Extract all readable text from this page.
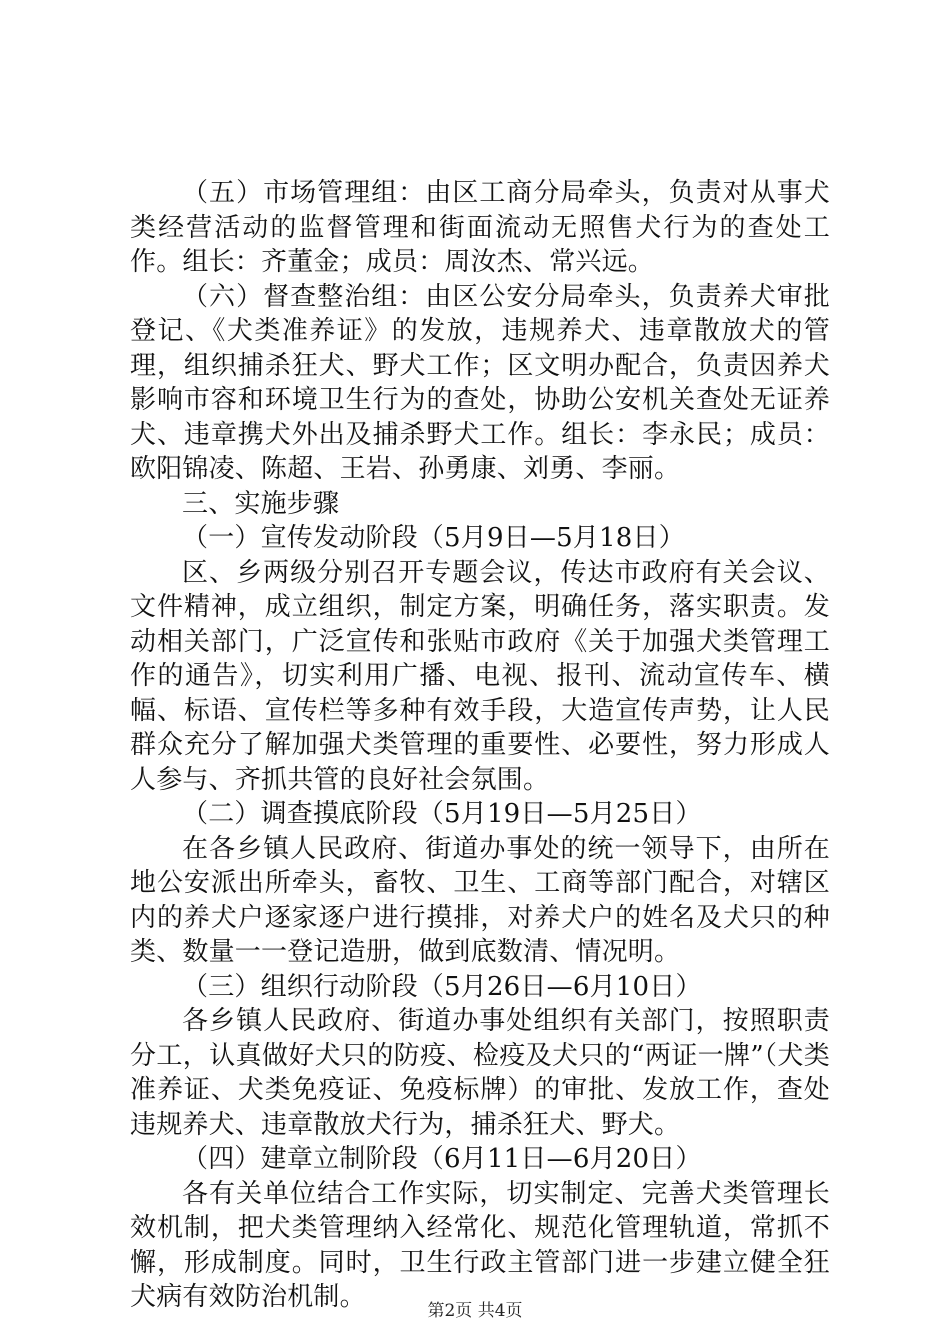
（五）市场管理组：由区工商分局牵头，负责对从事犬类经营活动的监督管理和街面流动无照售犬行为的查处工作。组长：齐董金；成员：周汝杰、常兴远。

（六）督查整治组：由区公安分局牵头，负责养犬审批登记、《犬类准养证》的发放，违规养犬、违章散放犬的管理，组织捕杀狂犬、野犬工作；区文明办配合，负责因养犬影响市容和环境卫生行为的查处，协助公安机关查处无证养犬、违章携犬外出及捕杀野犬工作。组长：李永民；成员：欧阳锦凌、陈超、王岩、孙勇康、刘勇、李丽。

三、实施步骤

（一）宣传发动阶段（5月9日—5月18日）

区、乡两级分别召开专题会议，传达市政府有关会议、文件精神，成立组织，制定方案，明确任务，落实职责。发动相关部门，广泛宣传和张贴市政府《关于加强犬类管理工作的通告》，切实利用广播、电视、报刊、流动宣传车、横幅、标语、宣传栏等多种有效手段，大造宣传声势，让人民群众充分了解加强犬类管理的重要性、必要性，努力形成人人参与、齐抓共管的良好社会氛围。

（二）调查摸底阶段（5月19日—5月25日）

在各乡镇人民政府、街道办事处的统一领导下，由所在地公安派出所牵头，畜牧、卫生、工商等部门配合，对辖区内的养犬户逐家逐户进行摸排，对养犬户的姓名及犬只的种类、数量一一登记造册，做到底数清、情况明。

（三）组织行动阶段（5月26日—6月10日）

各乡镇人民政府、街道办事处组织有关部门，按照职责分工，认真做好犬只的防疫、检疫及犬只的“两证一牌”（犬类准养证、犬类免疫证、免疫标牌）的审批、发放工作，查处违规养犬、违章散放犬行为，捕杀狂犬、野犬。

（四）建章立制阶段（6月11日—6月20日）

各有关单位结合工作实际，切实制定、完善犬类管理长效机制，把犬类管理纳入经常化、规范化管理轨道，常抓不懈，形成制度。同时，卫生行政主管部门进一步建立健全狂犬病有效防治机制。	第2页 共4页
